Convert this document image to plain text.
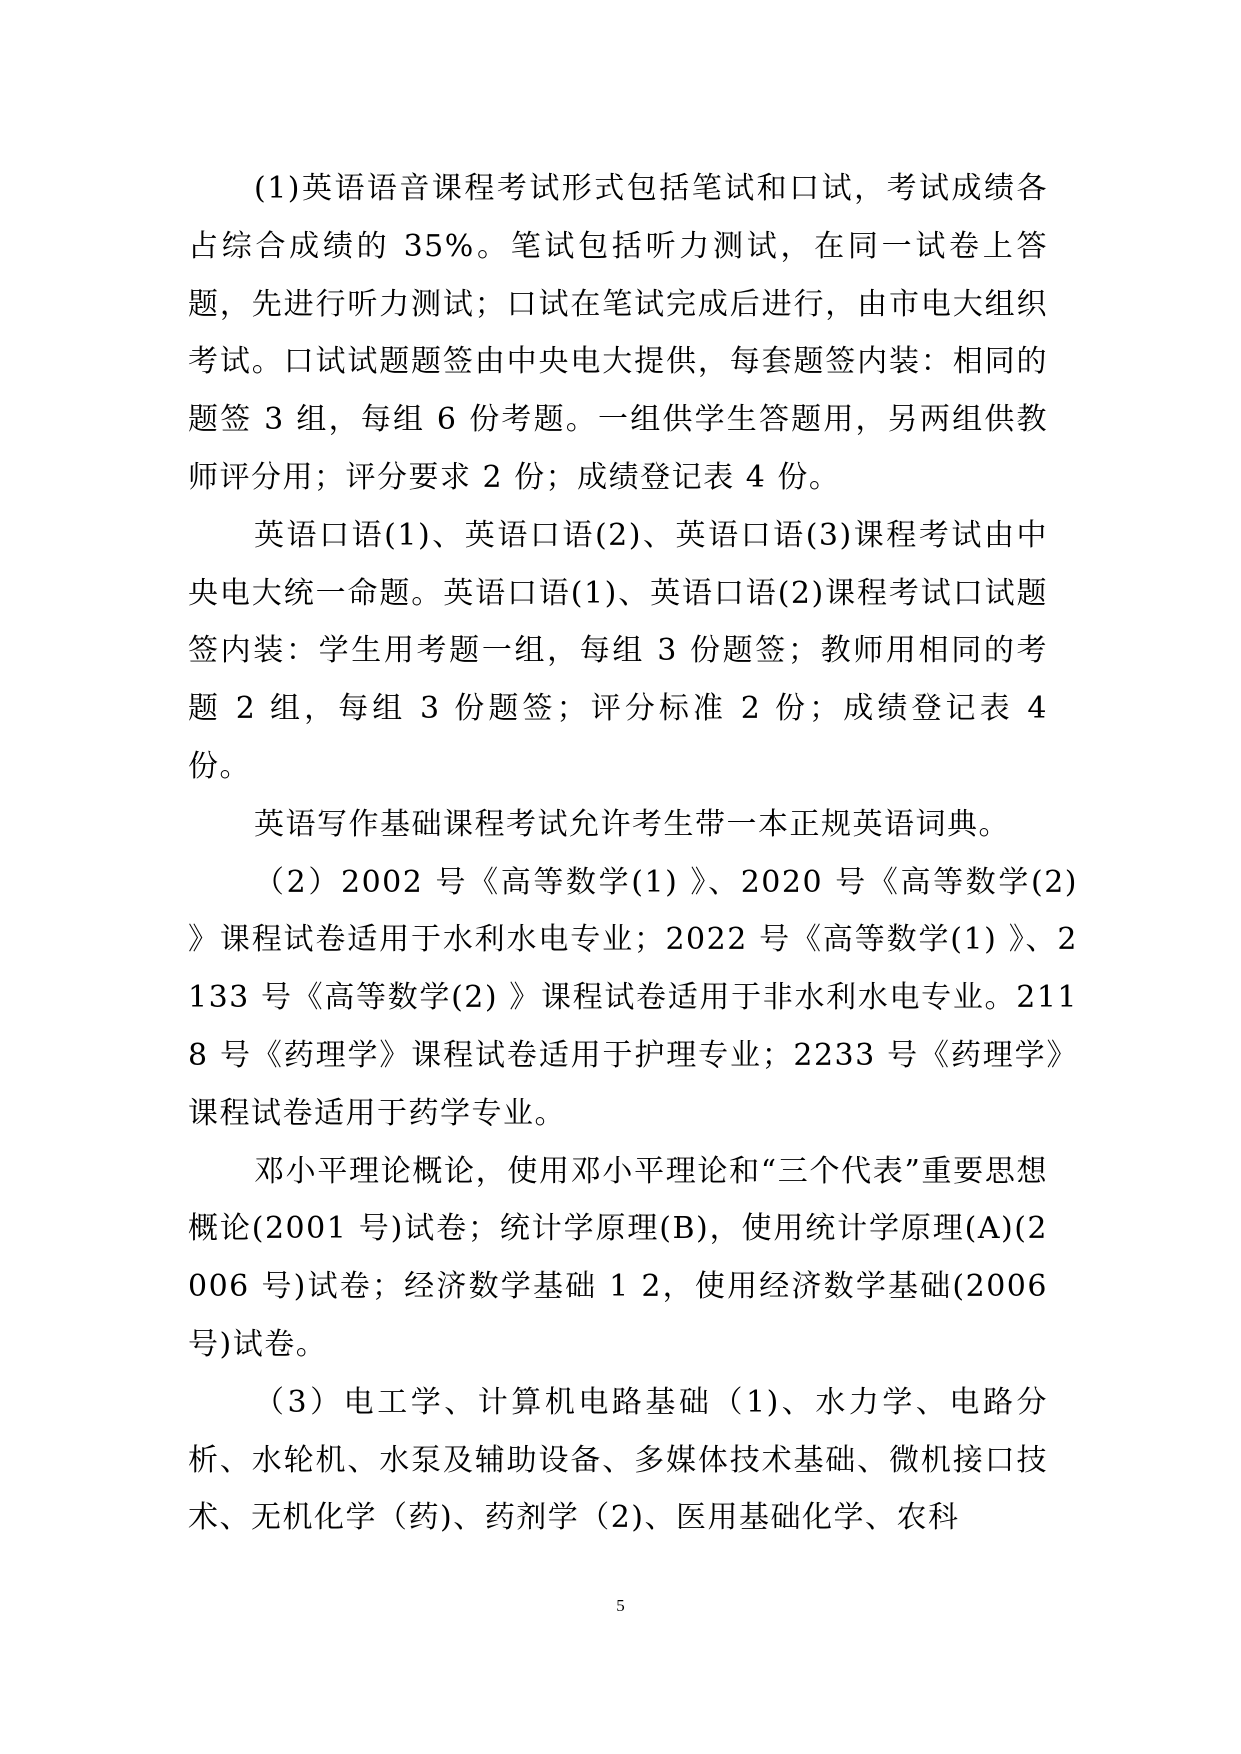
(1)英语语音课程考试形式包括笔试和口试，考试成绩各占综合成绩的 35%。笔试包括听力测试，在同一试卷上答题，先进行听力测试；口试在笔试完成后进行，由市电大组织考试。口试试题题签由中央电大提供，每套题签内装：相同的题签 3 组，每组 6 份考题。一组供学生答题用，另两组供教师评分用；评分要求 2 份；成绩登记表 4 份。

英语口语(1)、英语口语(2)、英语口语(3)课程考试由中央电大统一命题。英语口语(1)、英语口语(2)课程考试口试题签内装：学生用考题一组，每组 3 份题签；教师用相同的考题 2 组，每组 3 份题签；评分标准 2 份；成绩登记表 4 份。

英语写作基础课程考试允许考生带一本正规英语词典。

（2）2002 号《高等数学(1) 》、2020 号《高等数学(2) 》课程试卷适用于水利水电专业；2022 号《高等数学(1) 》、2133 号《高等数学(2) 》课程试卷适用于非水利水电专业。2118 号《药理学》课程试卷适用于护理专业；2233 号《药理学》课程试卷适用于药学专业。

邓小平理论概论，使用邓小平理论和“三个代表”重要思想概论(2001 号)试卷；统计学原理(B)，使用统计学原理(A)(2006 号)试卷；经济数学基础 1 2，使用经济数学基础(2006 号)试卷。

（3）电工学、计算机电路基础（1)、水力学、电路分析、水轮机、水泵及辅助设备、多媒体技术基础、微机接口技术、无机化学（药)、药剂学（2)、医用基础化学、农科

5
